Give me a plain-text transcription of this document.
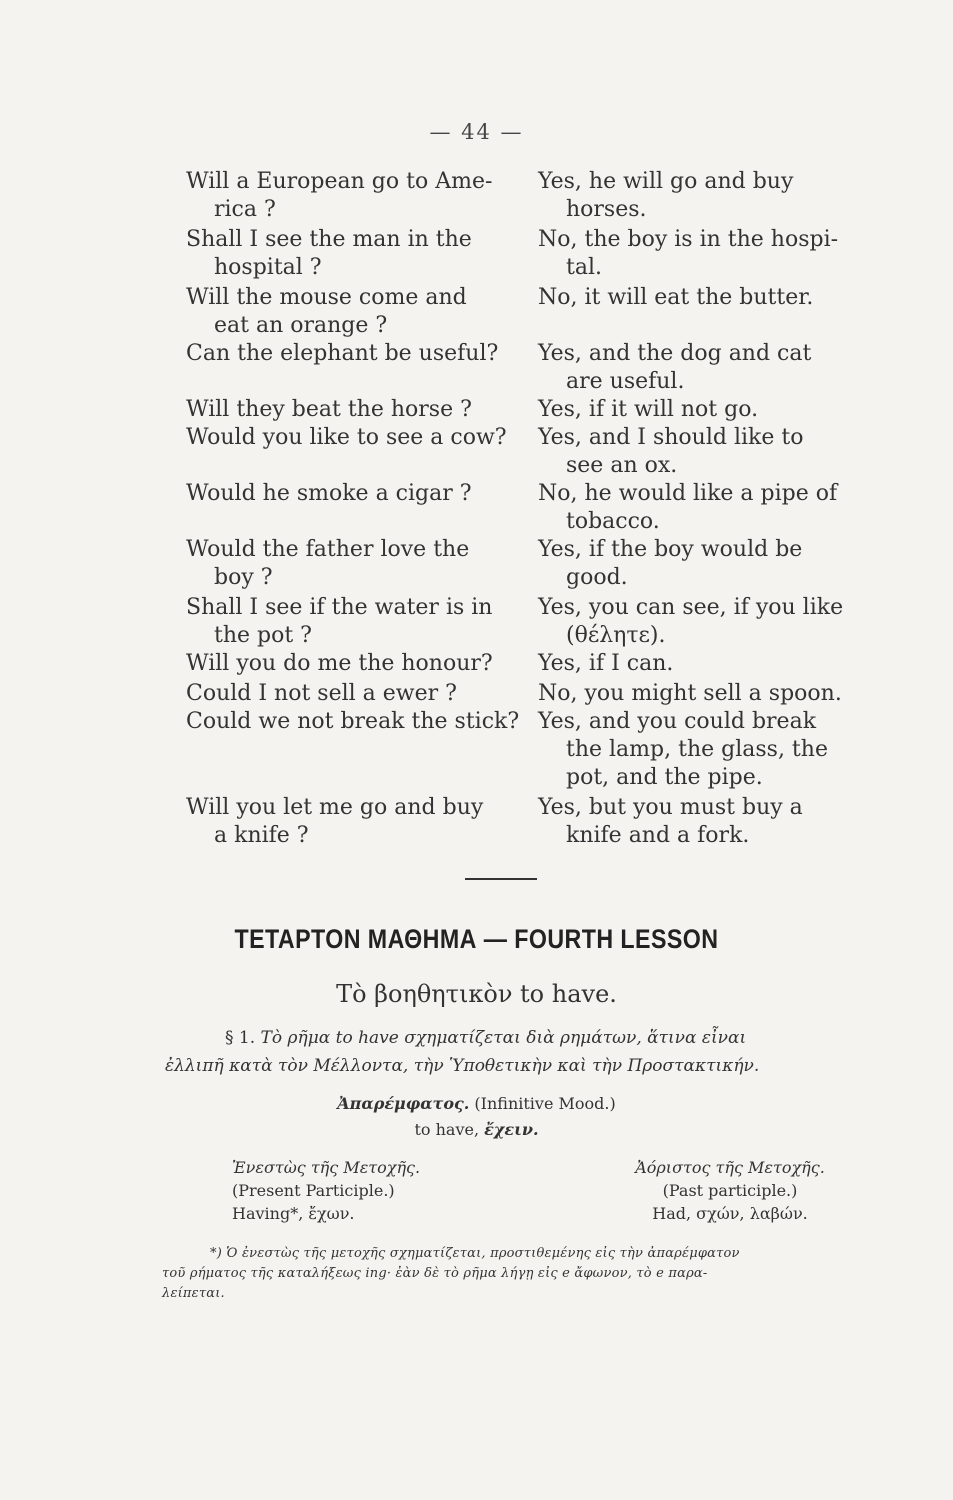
— 44 —
Will a European go to Ame-
rica ?
Shall I see the man in the
hospital ?
Will the mouse come and
eat an orange ?
Can the elephant be useful?
Will they beat the horse ?
Would you like to see a cow?
Would he smoke a cigar ?
Would the father love the
boy ?
Shall I see if the water is in
the pot ?
Will you do me the honour?
Could I not sell a ewer ?
Could we not break the stick?
Will you let me go and buy
a knife ?
Yes, he will go and buy
horses.
No, the boy is in the hospi-
tal.
No, it will eat the butter.
Yes, and the dog and cat
are useful.
Yes, if it will not go.
Yes, and I should like to
see an ox.
No, he would like a pipe of
tobacco.
Yes, if the boy would be
good.
Yes, you can see, if you like
(θέλητε).
Yes, if I can.
No, you might sell a spoon.
Yes, and you could break
the lamp, the glass, the
pot, and the pipe.
Yes, but you must buy a
knife and a fork.
ΤΕΤΑΡΤΟΝ ΜΑΘΗΜΑ — FOURTH LESSON
Τὸ βοηθητικὸν to have.
§ 1. Τὸ ρῆμα to have σχηματίζεται διὰ ρημάτων, ἅτινα εἶναι
ἐλλιπῆ κατὰ τὸν Μέλλοντα, τὴν Ὑποθετικὴν καὶ τὴν Προστακτικήν.
Ἀπαρέμφατος. (Infinitive Mood.)
to have, ἔχειν.
Ἐνεστὼς τῆς Μετοχῆς.
(Present Participle.)
Having*, ἔχων.
Ἀόριστος τῆς Μετοχῆς.
(Past participle.)
Had, σχών, λαβών.
*) Ὁ ἐνεστὼς τῆς μετοχῆς σχηματίζεται, προστιθεμένης εἰς τὴν ἀπαρέμφατον
τοῦ ρήματος τῆς καταλήξεως ing· ἐὰν δὲ τὸ ρῆμα λήγῃ εἰς e ἄφωνον, τὸ e παρα-
λείπεται.
